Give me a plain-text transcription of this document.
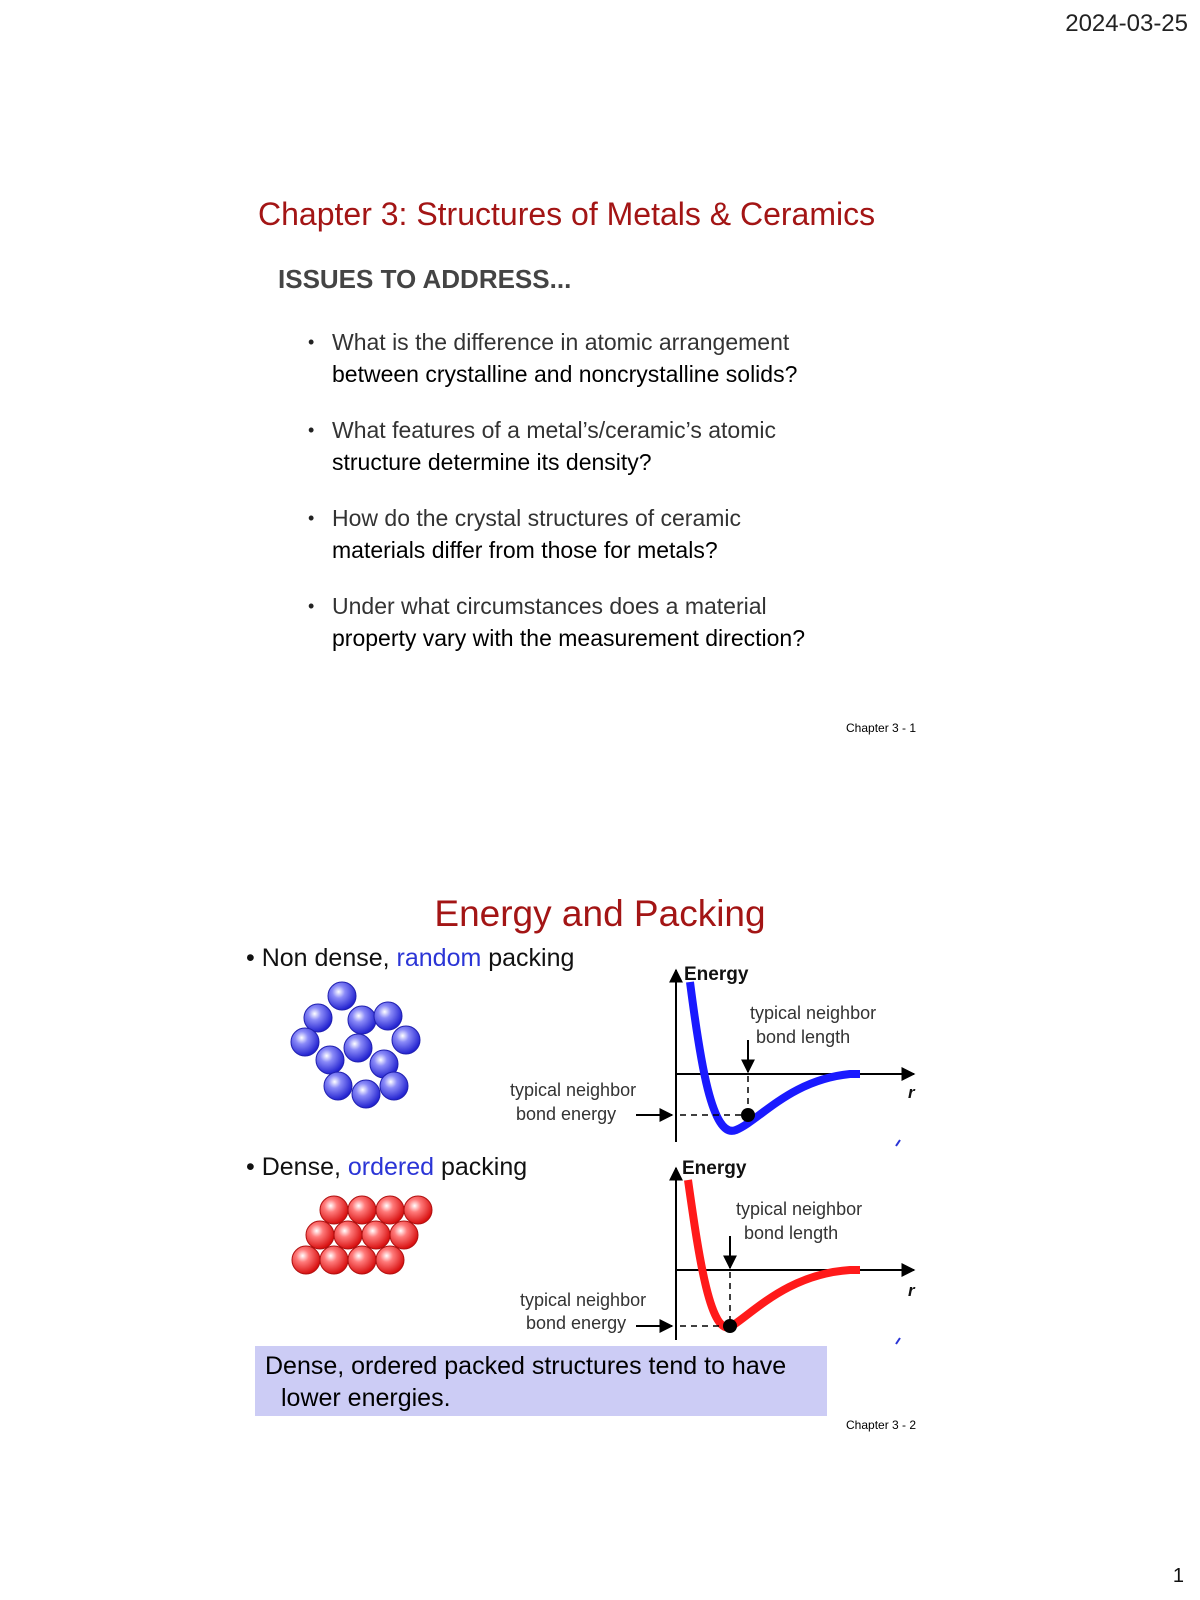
2024-03-25
Chapter 3: Structures of Metals & Ceramics
ISSUES TO ADDRESS...
• What is the difference in atomic arrangement
between crystalline and noncrystalline solids?
• What features of a metal’s/ceramic’s atomic
structure determine its density?
• How do the crystal structures of ceramic
materials differ from those for metals?
• Under what circumstances does a material
property vary with the measurement direction?
Chapter 3 - 1
Energy and Packing
• Non dense, random packing
• Dense, ordered packing
Energy
r
typical neighbor
bond length
typical neighbor
bond energy
Energy
r
typical neighbor
bond length
typical neighbor
bond energy
Dense, ordered packed structures tend to have
lower energies.
Chapter 3 - 2
1
